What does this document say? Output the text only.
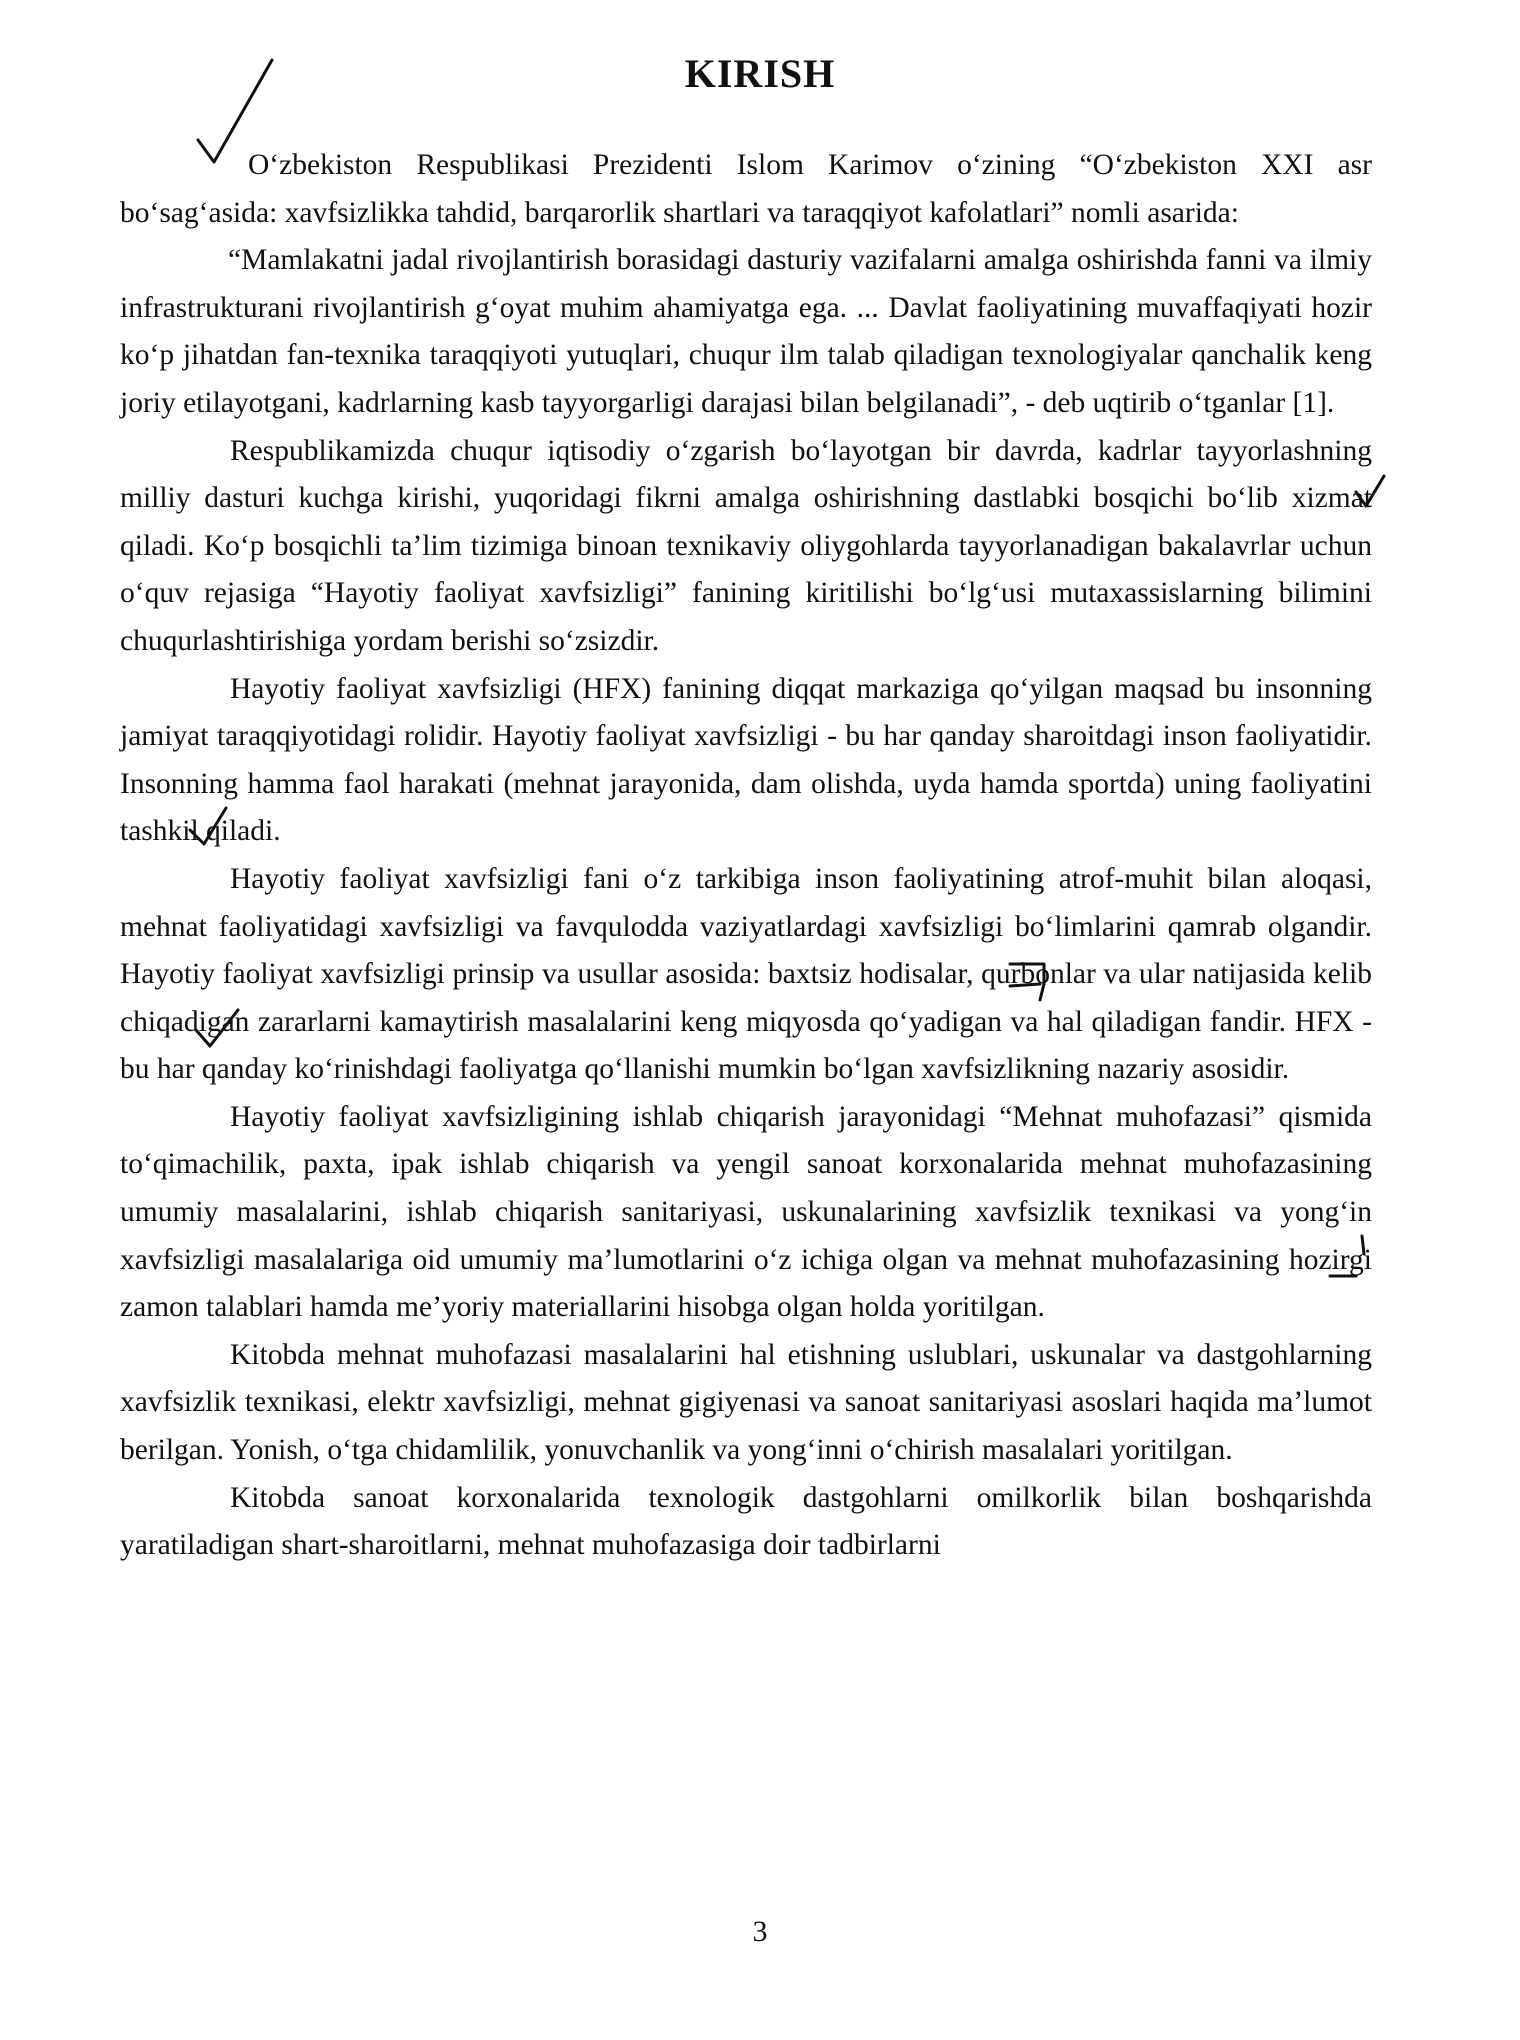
KIRISH

O‘zbekiston Respublikasi Prezidenti Islom Karimov o‘zining “O‘zbekiston XXI asr bo‘sag‘asida: xavfsizlikka tahdid, barqarorlik shartlari va taraqqiyot kafolatlari” nomli asarida:

“Mamlakatni jadal rivojlantirish borasidagi dasturiy vazifalarni amalga oshirishda fanni va ilmiy infrastrukturani rivojlantirish g‘oyat muhim ahamiyatga ega. ... Davlat faoliyatining muvaffaqiyati hozir ko‘p jihatdan fan-texnika taraqqiyoti yutuqlari, chuqur ilm talab qiladigan texnologiyalar qanchalik keng joriy etilayotgani, kadrlarning kasb tayyorgarligi darajasi bilan belgilanadi”, - deb uqtirib o‘tganlar [1].

Respublikamizda chuqur iqtisodiy o‘zgarish bo‘layotgan bir davrda, kadrlar tayyorlashning milliy dasturi kuchga kirishi, yuqoridagi fikrni amalga oshirishning dastlabki bosqichi bo‘lib xizmat qiladi. Ko‘p bosqichli ta’lim tizimiga binoan texnikaviy oliygohlarda tayyorlanadigan bakalavrlar uchun o‘quv rejasiga “Hayotiy faoliyat xavfsizligi” fanining kiritilishi bo‘lg‘usi mutaxassislarning bilimini chuqurlashtirishiga yordam berishi so‘zsizdir.

Hayotiy faoliyat xavfsizligi (HFX) fanining diqqat markaziga qo‘yilgan maqsad bu insonning jamiyat taraqqiyotidagi rolidir. Hayotiy faoliyat xavfsizligi - bu har qanday sharoitdagi inson faoliyatidir. Insonning hamma faol harakati (mehnat jarayonida, dam olishda, uyda hamda sportda) uning faoliyatini tashkil qiladi.

Hayotiy faoliyat xavfsizligi fani o‘z tarkibiga inson faoliyatining atrof-muhit bilan aloqasi, mehnat faoliyatidagi xavfsizligi va favqulodda vaziyatlardagi xavfsizligi bo‘limlarini qamrab olgandir. Hayotiy faoliyat xavfsizligi prinsip va usullar asosida: baxtsiz hodisalar, qurbonlar va ular natijasida kelib chiqadigan zararlarni kamaytirish masalalarini keng miqyosda qo‘yadigan va hal qiladigan fandir. HFX - bu har qanday ko‘rinishdagi faoliyatga qo‘llanishi mumkin bo‘lgan xavfsizlikning nazariy asosidir.

Hayotiy faoliyat xavfsizligining ishlab chiqarish jarayonidagi “Mehnat muhofazasi” qismida to‘qimachilik, paxta, ipak ishlab chiqarish va yengil sanoat korxonalarida mehnat muhofazasining umumiy masalalarini, ishlab chiqarish sanitariyasi, uskunalarining xavfsizlik texnikasi va yong‘in xavfsizligi masalalariga oid umumiy ma’lumotlarini o‘z ichiga olgan va mehnat muhofazasining hozirgi zamon talablari hamda me’yoriy materiallarini hisobga olgan holda yoritilgan.

Kitobda mehnat muhofazasi masalalarini hal etishning uslublari, uskunalar va dastgohlarning xavfsizlik texnikasi, elektr xavfsizligi, mehnat gigiyenasi va sanoat sanitariyasi asoslari haqida ma’lumot berilgan. Yonish, o‘tga chidamlilik, yonuvchanlik va yong‘inni o‘chirish masalalari yoritilgan.

Kitobda sanoat korxonalarida texnologik dastgohlarni omilkorlik bilan boshqarishda yaratiladigan shart-sharoitlarni, mehnat muhofazasiga doir tadbirlarni

3
